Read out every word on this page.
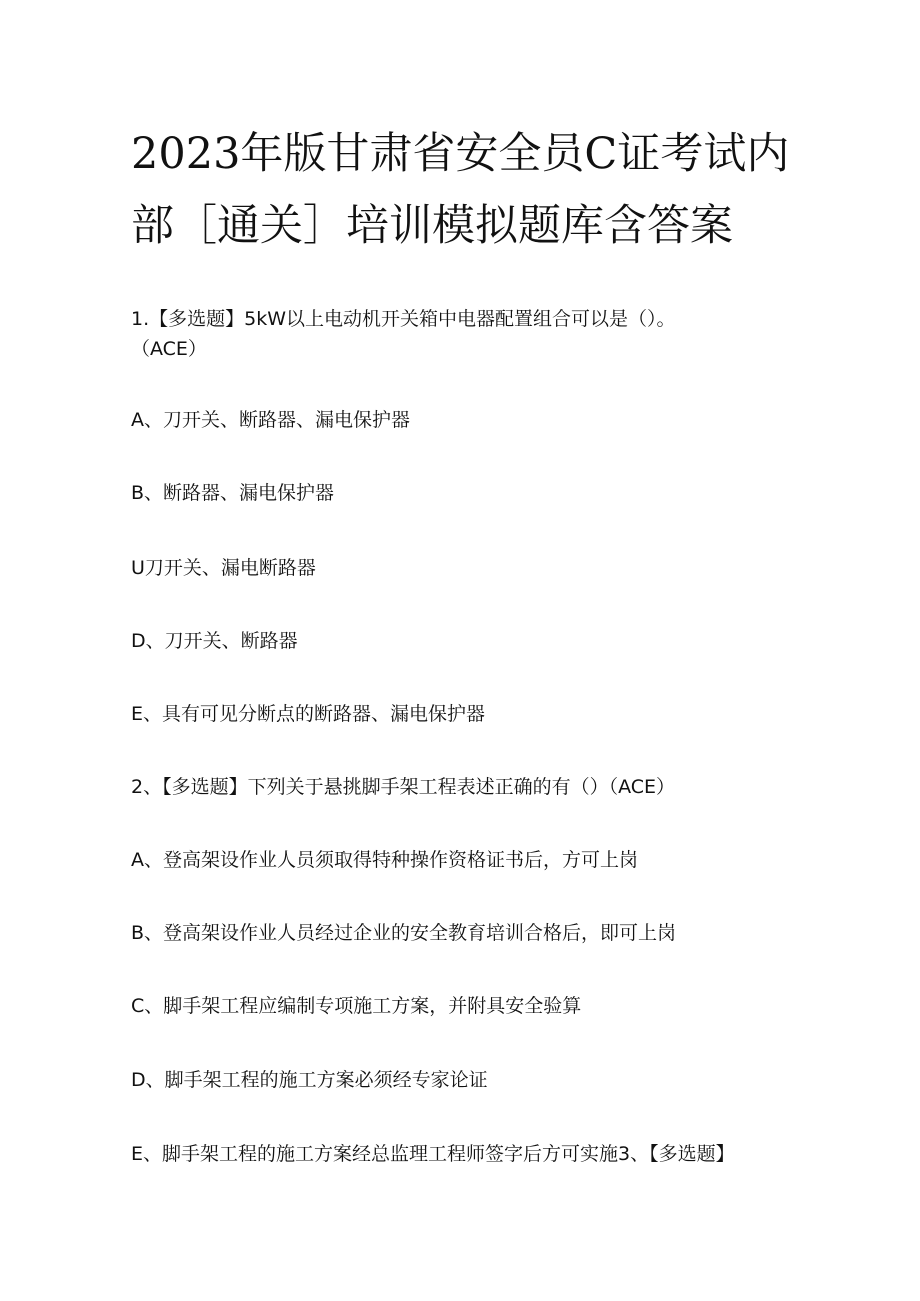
2023年版甘肃省安全员C证考试内
部［通关］培训模拟题库含答案

1.【多选题】5kW以上电动机开关箱中电器配置组合可以是（）。

（ACE）

A、刀开关、断路器、漏电保护器

B、断路器、漏电保护器

U刀开关、漏电断路器

D、刀开关、断路器

E、具有可见分断点的断路器、漏电保护器

2、【多选题】下列关于悬挑脚手架工程表述正确的有（）（ACE）

A、登高架设作业人员须取得特种操作资格证书后，方可上岗

B、登高架设作业人员经过企业的安全教育培训合格后，即可上岗

C、脚手架工程应编制专项施工方案，并附具安全验算

D、脚手架工程的施工方案必须经专家论证

E、脚手架工程的施工方案经总监理工程师签字后方可实施3、【多选题】
